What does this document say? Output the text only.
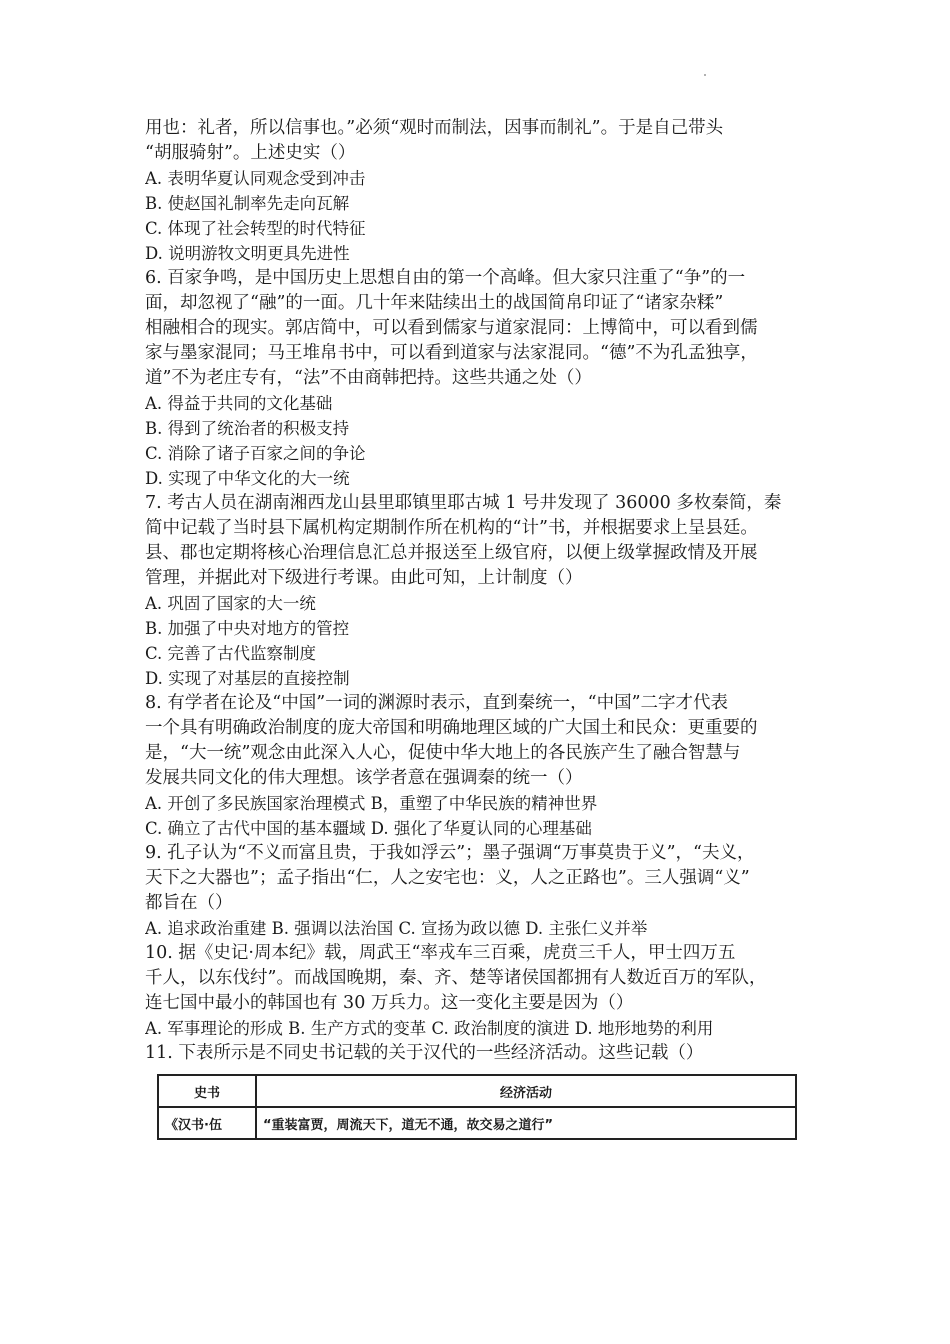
用也：礼者，所以信事也。”必须“观时而制法，因事而制礼”。于是自己带头
“胡服骑射”。上述史实（）
A. 表明华夏认同观念受到冲击
B. 使赵国礼制率先走向瓦解
C. 体现了社会转型的时代特征
D. 说明游牧文明更具先进性
6. 百家争鸣，是中国历史上思想自由的第一个高峰。但大家只注重了“争”的一
面，却忽视了“融”的一面。几十年来陆续出土的战国简帛印证了“诸家杂糅”
相融相合的现实。郭店简中，可以看到儒家与道家混同：上博简中，可以看到儒
家与墨家混同；马王堆帛书中，可以看到道家与法家混同。“德”不为孔孟独享，
道”不为老庄专有，“法”不由商韩把持。这些共通之处（）
A. 得益于共同的文化基础
B. 得到了统治者的积极支持
C. 消除了诸子百家之间的争论
D. 实现了中华文化的大一统
7. 考古人员在湖南湘西龙山县里耶镇里耶古城 1 号井发现了 36000 多枚秦简，秦
简中记载了当时县下属机构定期制作所在机构的“计”书，并根据要求上呈县廷。
县、郡也定期将核心治理信息汇总并报送至上级官府，以便上级掌握政情及开展
管理，并据此对下级进行考课。由此可知，上计制度（）
A. 巩固了国家的大一统
B. 加强了中央对地方的管控
C. 完善了古代监察制度
D. 实现了对基层的直接控制
8. 有学者在论及“中国”一词的渊源时表示，直到秦统一，“中国”二字才代表
一个具有明确政治制度的庞大帝国和明确地理区域的广大国土和民众：更重要的
是，“大一统”观念由此深入人心，促使中华大地上的各民族产生了融合智慧与
发展共同文化的伟大理想。该学者意在强调秦的统一（）
A. 开创了多民族国家治理模式 B，重塑了中华民族的精神世界
C. 确立了古代中国的基本疆域 D. 强化了华夏认同的心理基础
9. 孔子认为“不义而富且贵，于我如浮云”；墨子强调“万事莫贵于义”，“夫义，
天下之大器也”；孟子指出“仁，人之安宅也：义，人之正路也”。三人强调“义”
都旨在（）
A. 追求政治重建 B. 强调以法治国 C. 宣扬为政以德 D. 主张仁义并举
10. 据《史记·周本纪》载，周武王“率戎车三百乘，虎贲三千人，甲士四万五
千人，以东伐纣”。而战国晚期，秦、齐、楚等诸侯国都拥有人数近百万的军队，
连七国中最小的韩国也有 30 万兵力。这一变化主要是因为（）
A. 军事理论的形成 B. 生产方式的变革 C. 政治制度的演进 D. 地形地势的利用
11. 下表所示是不同史书记载的关于汉代的一些经济活动。这些记载（）
史书	经济活动
《汉书·伍	“重装富贾，周流天下，道无不通，故交易之道行”
